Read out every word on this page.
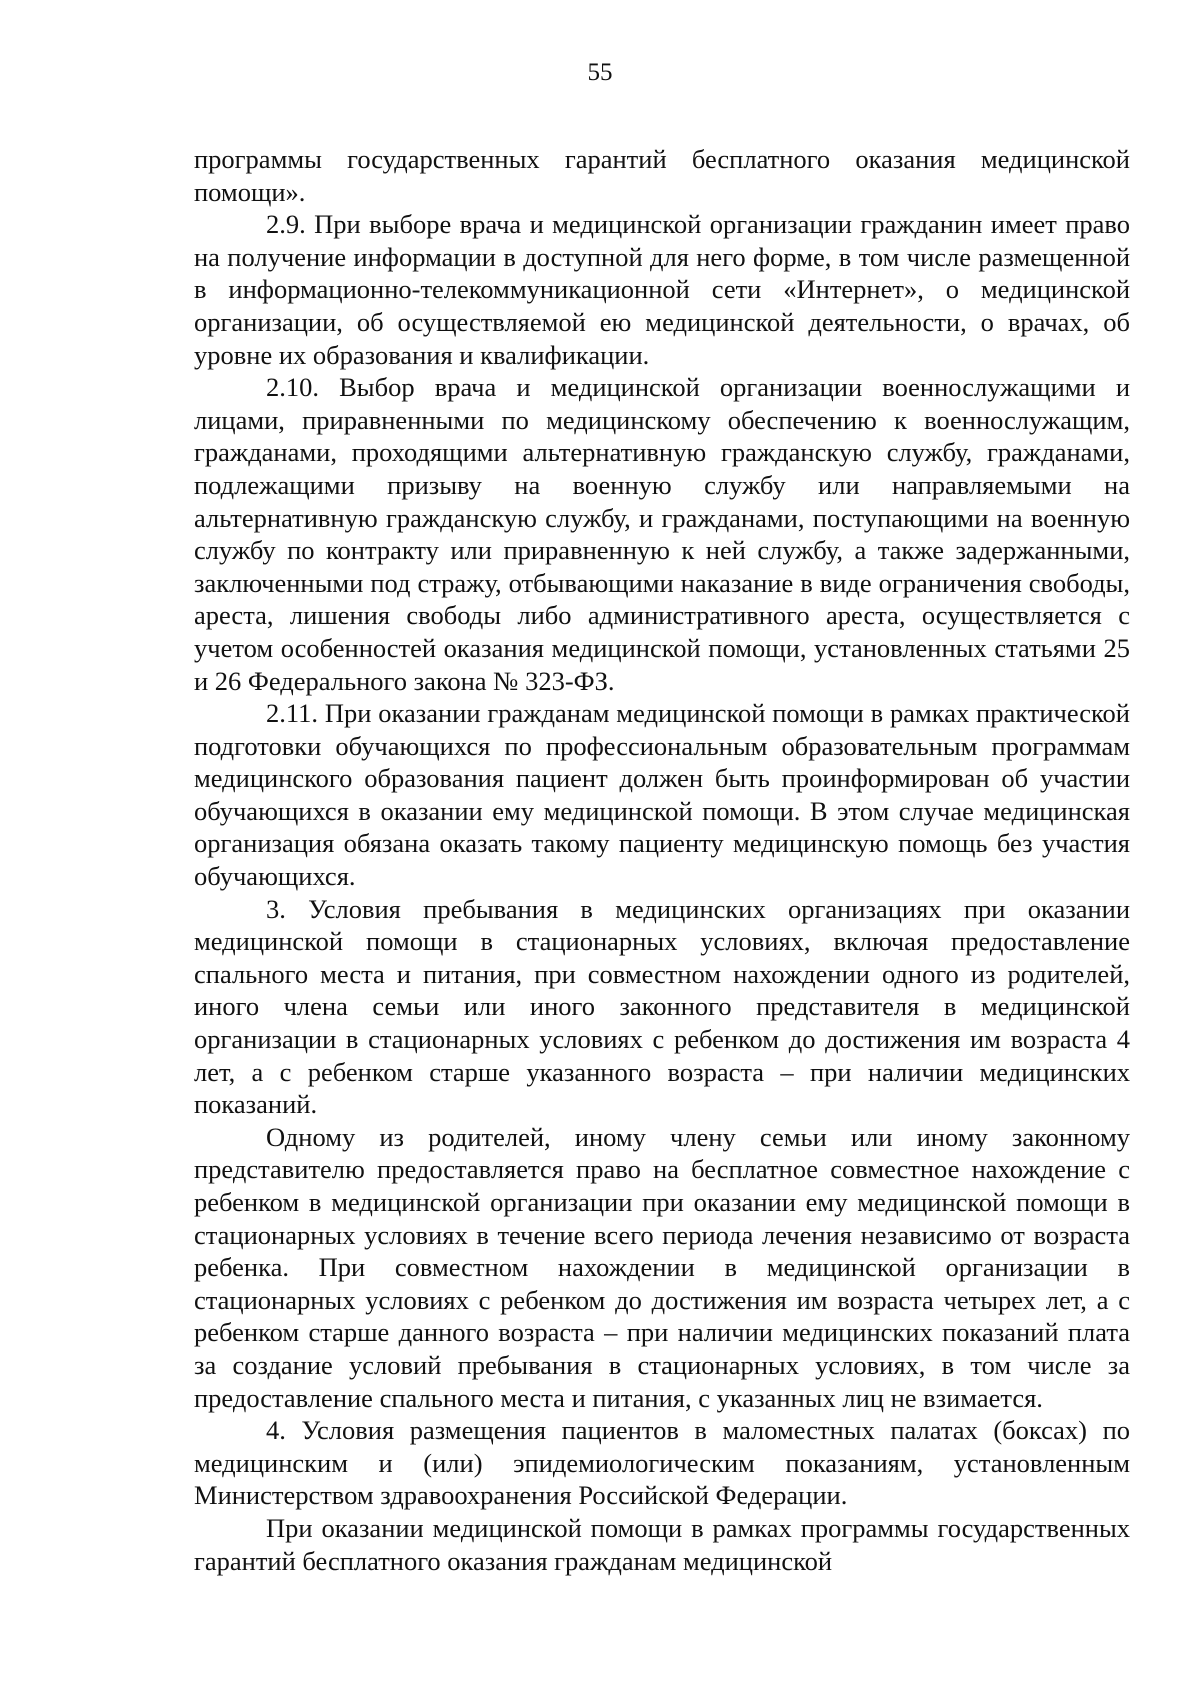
55

программы государственных гарантий бесплатного оказания медицинской помощи».

2.9. При выборе врача и медицинской организации гражданин имеет право на получение информации в доступной для него форме, в том числе размещенной в информационно-телекоммуникационной сети «Интернет», о медицинской организации, об осуществляемой ею медицинской деятельности, о врачах, об уровне их образования и квалификации.

2.10. Выбор врача и медицинской организации военнослужащими и лицами, приравненными по медицинскому обеспечению к военнослужащим, гражданами, проходящими альтернативную гражданскую службу, гражданами, подлежащими призыву на военную службу или направляемыми на альтернативную гражданскую службу, и гражданами, поступающими на военную службу по контракту или приравненную к ней службу, а также задержанными, заключенными под стражу, отбывающими наказание в виде ограничения свободы, ареста, лишения свободы либо административного ареста, осуществляется с учетом особенностей оказания медицинской помощи, установленных статьями 25 и 26 Федерального закона № 323-ФЗ.

2.11. При оказании гражданам медицинской помощи в рамках практической подготовки обучающихся по профессиональным образовательным программам медицинского образования пациент должен быть проинформирован об участии обучающихся в оказании ему медицинской помощи. В этом случае медицинская организация обязана оказать такому пациенту медицинскую помощь без участия обучающихся.

3. Условия пребывания в медицинских организациях при оказании медицинской помощи в стационарных условиях, включая предоставление спального места и питания, при совместном нахождении одного из родителей, иного члена семьи или иного законного представителя в медицинской организации в стационарных условиях с ребенком до достижения им возраста 4 лет, а с ребенком старше указанного возраста – при наличии медицинских показаний.

Одному из родителей, иному члену семьи или иному законному представителю предоставляется право на бесплатное совместное нахождение с ребенком в медицинской организации при оказании ему медицинской помощи в стационарных условиях в течение всего периода лечения независимо от возраста ребенка. При совместном нахождении в медицинской организации в стационарных условиях с ребенком до достижения им возраста четырех лет, а с ребенком старше данного возраста – при наличии медицинских показаний плата за создание условий пребывания в стационарных условиях, в том числе за предоставление спального места и питания, с указанных лиц не взимается.

4. Условия размещения пациентов в маломестных палатах (боксах) по медицинским и (или) эпидемиологическим показаниям, установленным Министерством здравоохранения Российской Федерации.

При оказании медицинской помощи в рамках программы государственных гарантий бесплатного оказания гражданам медицинской
